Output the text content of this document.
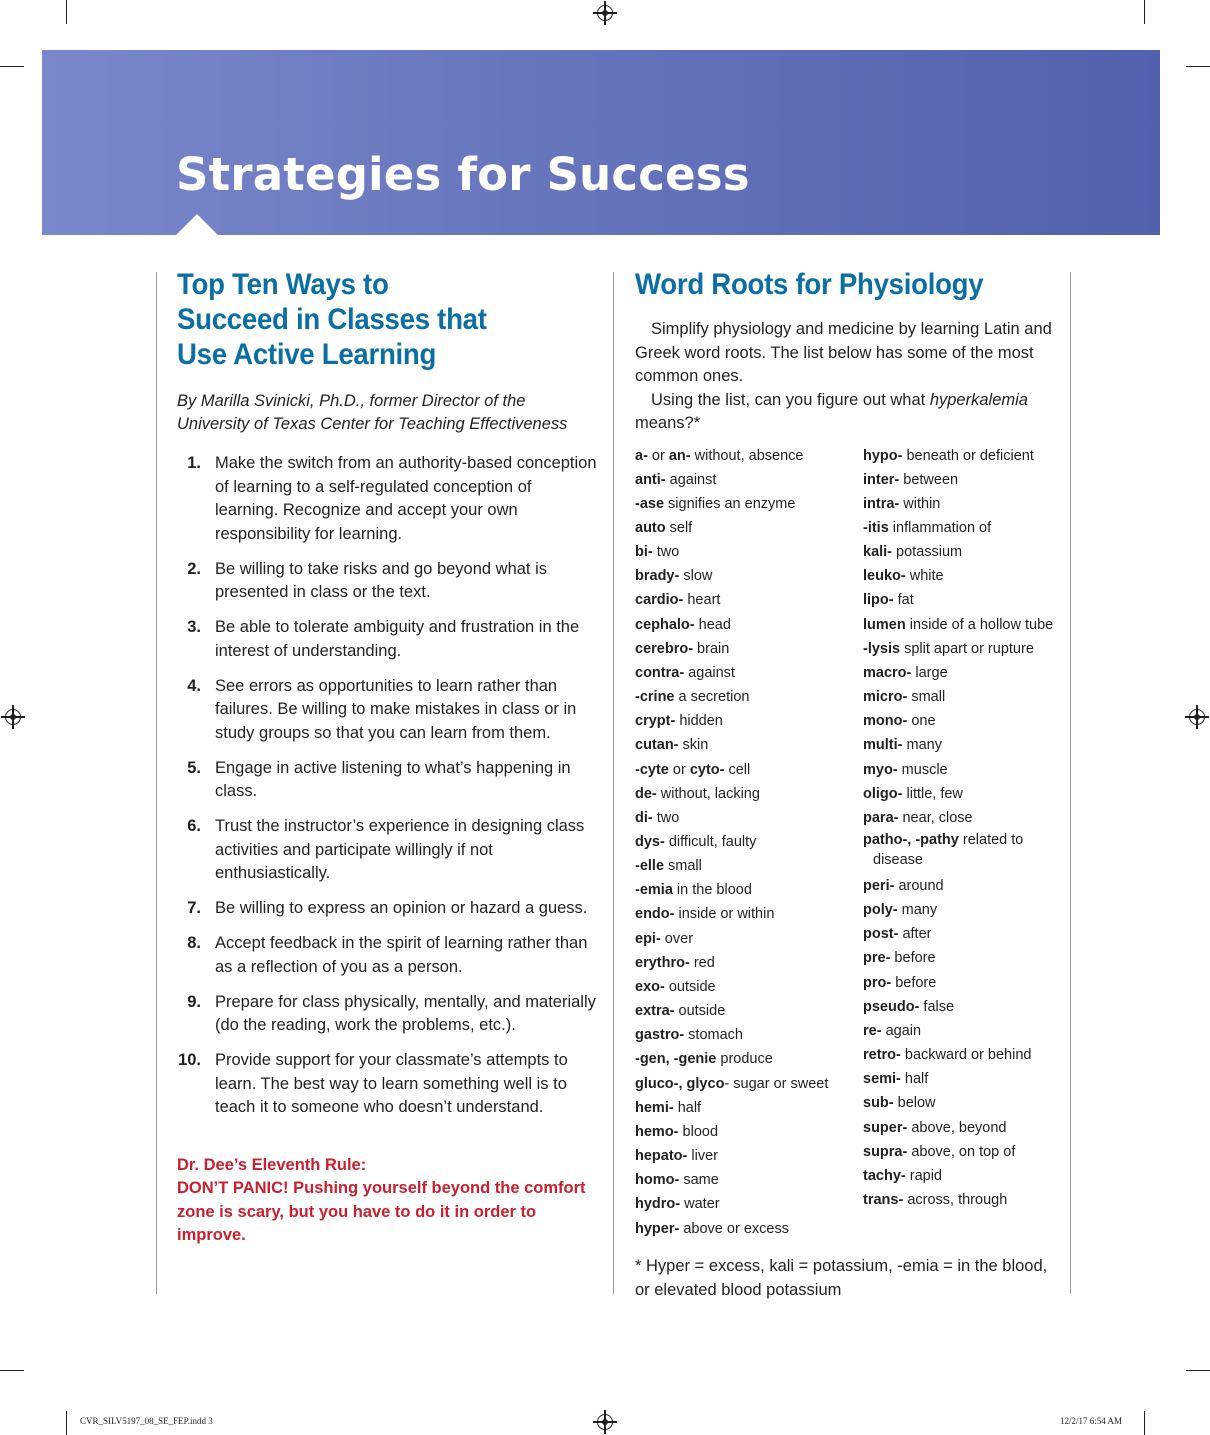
Strategies for Success
Top Ten Ways to
Succeed in Classes that
Use Active Learning

By Marilla Svinicki, Ph.D., former Director of the University of Texas Center for Teaching Effectiveness

1. Make the switch from an authority-based conception of learning to a self-regulated conception of learning. Recognize and accept your own responsibility for learning.
2. Be willing to take risks and go beyond what is presented in class or the text.
3. Be able to tolerate ambiguity and frustration in the interest of understanding.
4. See errors as opportunities to learn rather than failures. Be willing to make mistakes in class or in study groups so that you can learn from them.
5. Engage in active listening to what’s happening in class.
6. Trust the instructor’s experience in designing class activities and participate willingly if not enthusiastically.
7. Be willing to express an opinion or hazard a guess.
8. Accept feedback in the spirit of learning rather than as a reflection of you as a person.
9. Prepare for class physically, mentally, and materially (do the reading, work the problems, etc.).
10. Provide support for your classmate’s attempts to learn. The best way to learn something well is to teach it to someone who doesn’t understand.
Dr. Dee’s Eleventh Rule:
DON’T PANIC! Pushing yourself beyond the comfort zone is scary, but you have to do it in order to improve.
Word Roots for Physiology

Simplify physiology and medicine by learning Latin and Greek word roots. The list below has some of the most common ones.

Using the list, can you figure out what hyperkalemia means?*

a- or an- without, absence
anti- against
-ase signifies an enzyme
auto self
bi- two
brady- slow
cardio- heart
cephalo- head
cerebro- brain
contra- against
-crine a secretion
crypt- hidden
cutan- skin
-cyte or cyto- cell
de- without, lacking
di- two
dys- difficult, faulty
-elle small
-emia in the blood
endo- inside or within
epi- over
erythro- red
exo- outside
extra- outside
gastro- stomach
-gen, -genie produce
gluco-, glyco- sugar or sweet
hemi- half
hemo- blood
hepato- liver
homo- same
hydro- water
hyper- above or excess
hypo- beneath or deficient
inter- between
intra- within
-itis inflammation of
kali- potassium
leuko- white
lipo- fat
lumen inside of a hollow tube
-lysis split apart or rupture
macro- large
micro- small
mono- one
multi- many
myo- muscle
oligo- little, few
para- near, close
patho-, -pathy related to disease
peri- around
poly- many
post- after
pre- before
pro- before
pseudo- false
re- again
retro- backward or behind
semi- half
sub- below
super- above, beyond
supra- above, on top of
tachy- rapid
trans- across, through
* Hyper = excess, kali = potassium, -emia = in the blood, or elevated blood potassium
CVR_SILV5197_08_SE_FEP.indd 3	12/2/17 6:54 AM
